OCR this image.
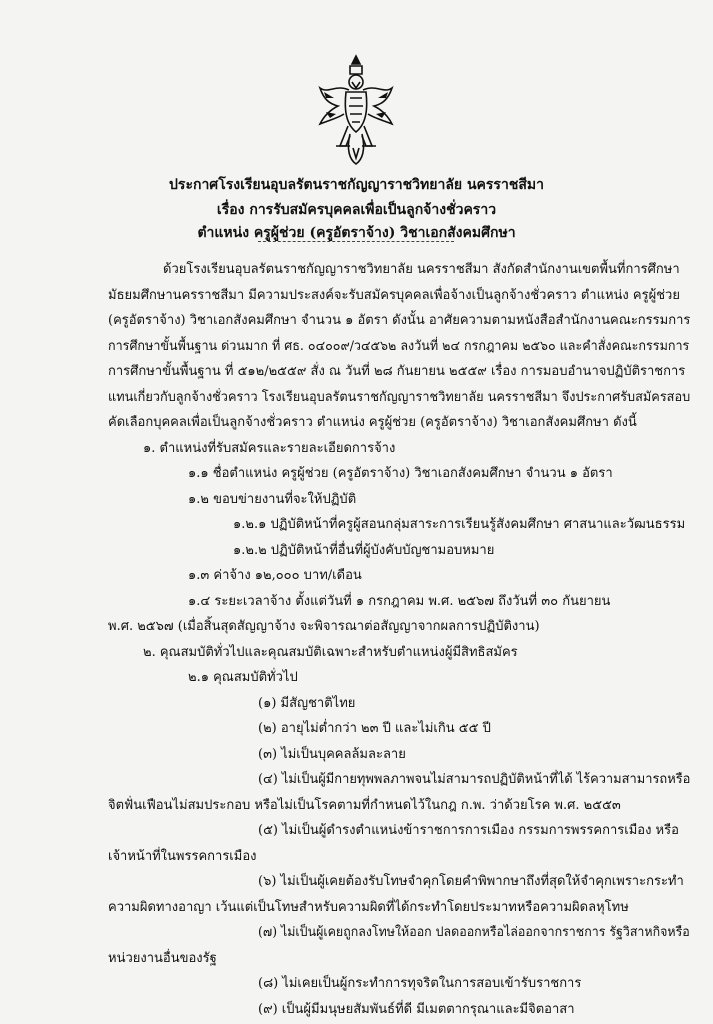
ประกาศโรงเรียนอุบลรัตนราชกัญญาราชวิทยาลัย นครราชสีมา
เรื่อง การรับสมัครบุคคลเพื่อเป็นลูกจ้างชั่วคราว
ตำแหน่ง ครูผู้ช่วย (ครูอัตราจ้าง) วิชาเอกสังคมศึกษา
ด้วยโรงเรียนอุบลรัตนราชกัญญาราชวิทยาลัย นครราชสีมา สังกัดสำนักงานเขตพื้นที่การศึกษา
มัธยมศึกษานครราชสีมา มีความประสงค์จะรับสมัครบุคคลเพื่อจ้างเป็นลูกจ้างชั่วคราว ตำแหน่ง ครูผู้ช่วย
(ครูอัตราจ้าง) วิชาเอกสังคมศึกษา จำนวน ๑ อัตรา ดังนั้น อาศัยความตามหนังสือสำนักงานคณะกรรมการ
การศึกษาขั้นพื้นฐาน ด่วนมาก ที่ ศธ. ๐๔๐๐๙/ว๔๕๖๒ ลงวันที่ ๒๔ กรกฎาคม ๒๕๖๐ และคำสั่งคณะกรรมการ
การศึกษาขั้นพื้นฐาน ที่ ๕๑๒/๒๕๕๙ สั่ง ณ วันที่ ๒๘ กันยายน ๒๕๕๙ เรื่อง การมอบอำนาจปฏิบัติราชการ
แทนเกี่ยวกับลูกจ้างชั่วคราว โรงเรียนอุบลรัตนราชกัญญาราชวิทยาลัย นครราชสีมา จึงประกาศรับสมัครสอบ
คัดเลือกบุคคลเพื่อเป็นลูกจ้างชั่วคราว ตำแหน่ง ครูผู้ช่วย (ครูอัตราจ้าง) วิชาเอกสังคมศึกษา ดังนี้
๑. ตำแหน่งที่รับสมัครและรายละเอียดการจ้าง
๑.๑ ชื่อตำแหน่ง ครูผู้ช่วย (ครูอัตราจ้าง) วิชาเอกสังคมศึกษา จำนวน ๑ อัตรา
๑.๒ ขอบข่ายงานที่จะให้ปฏิบัติ
๑.๒.๑ ปฏิบัติหน้าที่ครูผู้สอนกลุ่มสาระการเรียนรู้สังคมศึกษา ศาสนาและวัฒนธรรม
๑.๒.๒ ปฏิบัติหน้าที่อื่นที่ผู้บังคับบัญชามอบหมาย
๑.๓ ค่าจ้าง ๑๒,๐๐๐ บาท/เดือน
๑.๔ ระยะเวลาจ้าง ตั้งแต่วันที่ ๑ กรกฎาคม พ.ศ. ๒๕๖๗ ถึงวันที่ ๓๐ กันยายน
พ.ศ. ๒๕๖๗ (เมื่อสิ้นสุดสัญญาจ้าง จะพิจารณาต่อสัญญาจากผลการปฏิบัติงาน)
๒. คุณสมบัติทั่วไปและคุณสมบัติเฉพาะสำหรับตำแหน่งผู้มีสิทธิสมัคร
๒.๑ คุณสมบัติทั่วไป
(๑) มีสัญชาติไทย
(๒) อายุไม่ต่ำกว่า ๒๓ ปี และไม่เกิน ๕๕ ปี
(๓) ไม่เป็นบุคคลล้มละลาย
(๔) ไม่เป็นผู้มีกายทุพพลภาพจนไม่สามารถปฏิบัติหน้าที่ได้ ไร้ความสามารถหรือ
จิตฟั่นเฟือนไม่สมประกอบ หรือไม่เป็นโรคตามที่กำหนดไว้ในกฎ ก.พ. ว่าด้วยโรค พ.ศ. ๒๕๕๓
(๕) ไม่เป็นผู้ดำรงตำแหน่งข้าราชการการเมือง กรรมการพรรคการเมือง หรือ
เจ้าหน้าที่ในพรรคการเมือง
(๖) ไม่เป็นผู้เคยต้องรับโทษจำคุกโดยคำพิพากษาถึงที่สุดให้จำคุกเพราะกระทำ
ความผิดทางอาญา เว้นแต่เป็นโทษสำหรับความผิดที่ได้กระทำโดยประมาทหรือความผิดลหุโทษ
(๗) ไม่เป็นผู้เคยถูกลงโทษให้ออก ปลดออกหรือไล่ออกจากราชการ รัฐวิสาหกิจหรือ
หน่วยงานอื่นของรัฐ
(๘) ไม่เคยเป็นผู้กระทำการทุจริตในการสอบเข้ารับราชการ
(๙) เป็นผู้มีมนุษยสัมพันธ์ที่ดี มีเมตตากรุณาและมีจิตอาสา
